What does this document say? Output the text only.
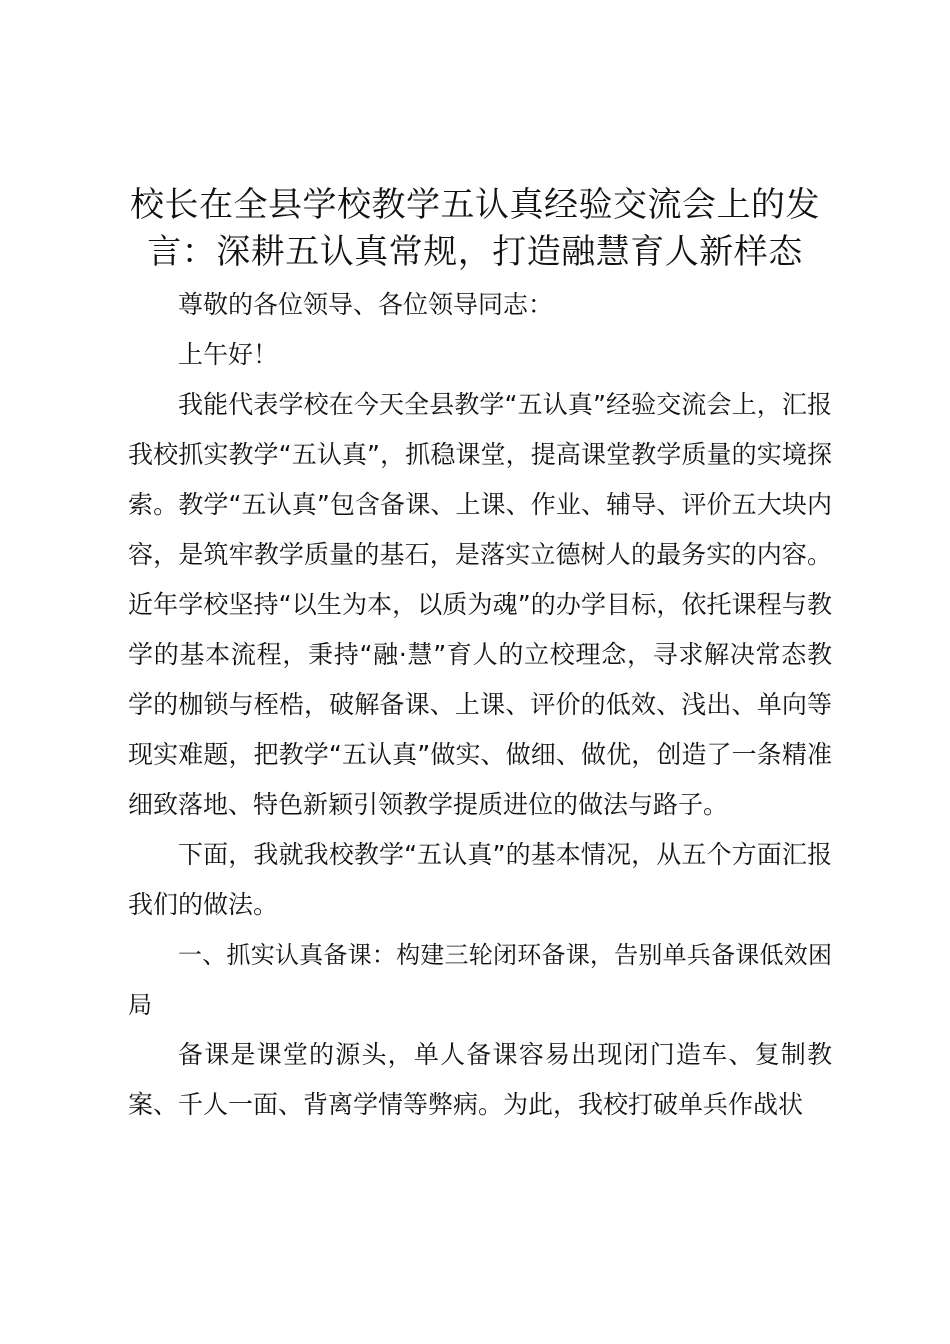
校长在全县学校教学五认真经验交流会上的发言：深耕五认真常规，打造融慧育人新样态

尊敬的各位领导、各位领导同志：

上午好！

我能代表学校在今天全县教学“五认真”经验交流会上，汇报我校抓实教学“五认真”，抓稳课堂，提高课堂教学质量的实境探索。教学“五认真”包含备课、上课、作业、辅导、评价五大块内容，是筑牢教学质量的基石，是落实立德树人的最务实的内容。近年学校坚持“以生为本，以质为魂”的办学目标，依托课程与教学的基本流程，秉持“融·慧”育人的立校理念，寻求解决常态教学的枷锁与桎梏，破解备课、上课、评价的低效、浅出、单向等现实难题，把教学“五认真”做实、做细、做优，创造了一条精准细致落地、特色新颖引领教学提质进位的做法与路子。

下面，我就我校教学“五认真”的基本情况，从五个方面汇报我们的做法。

一、抓实认真备课：构建三轮闭环备课，告别单兵备课低效困局

备课是课堂的源头，单人备课容易出现闭门造车、复制教案、千人一面、背离学情等弊病。为此，我校打破单兵作战状
